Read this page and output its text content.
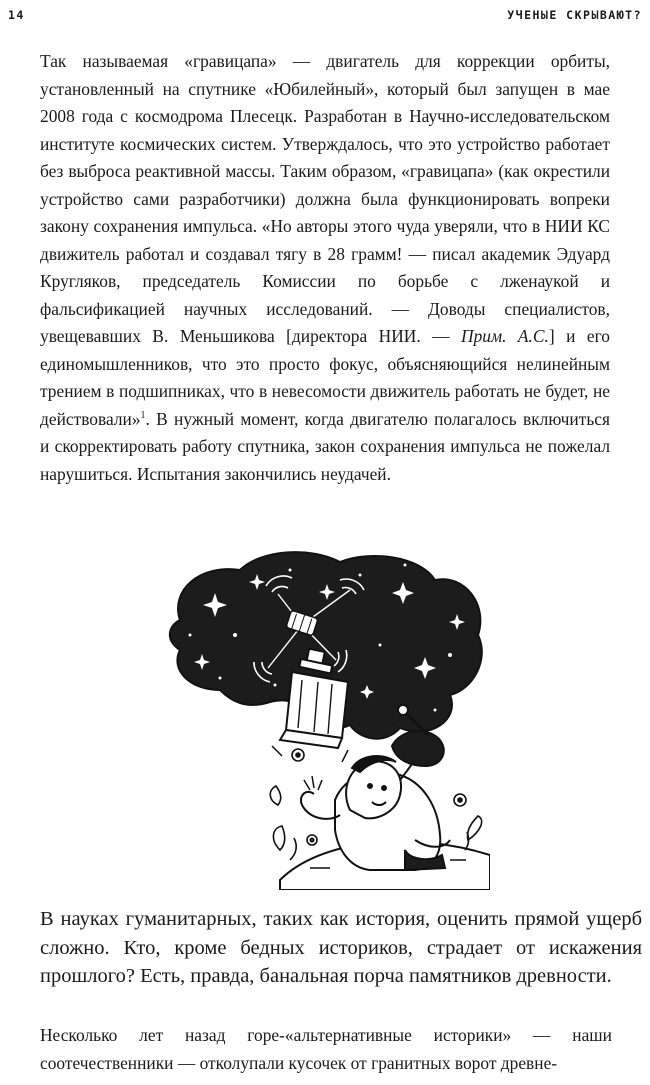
14	УЧЕНЫЕ СКРЫВАЮТ?

Так называемая «гравицапа» — двигатель для коррекции орбиты, установленный на спутнике «Юбилейный», который был запущен в мае 2008 года с космодрома Плесецк. Разработан в Научно-исследовательском институте космических систем. Утверждалось, что это устройство работает без выброса реактивной массы. Таким образом, «гравицапа» (как окрестили устройство сами разработчики) должна была функционировать вопреки закону сохранения импульса. «Но авторы этого чуда уверяли, что в НИИ КС движитель работал и создавал тягу в 28 грамм! — писал академик Эдуард Кругляков, председатель Комиссии по борьбе с лженаукой и фальсификацией научных исследований. — Доводы специалистов, увещевавших В. Меньшикова [директора НИИ. — Прим. А.С.] и его единомышленников, что это просто фокус, объясняющийся нелинейным трением в подшипниках, что в невесомости движитель работать не будет, не действовали»$^1$. В нужный момент, когда двигателю полагалось включиться и скорректировать работу спутника, закон сохранения импульса не пожелал нарушиться. Испытания закончились неудачей.

В науках гуманитарных, таких как история, оценить прямой ущерб сложно. Кто, кроме бедных историков, страдает от искажения прошлого? Есть, правда, банальная порча памятников древности.

Несколько лет назад горе-«альтернативные историки» — наши соотечественники — отколупали кусочек от гранитных ворот древне-
